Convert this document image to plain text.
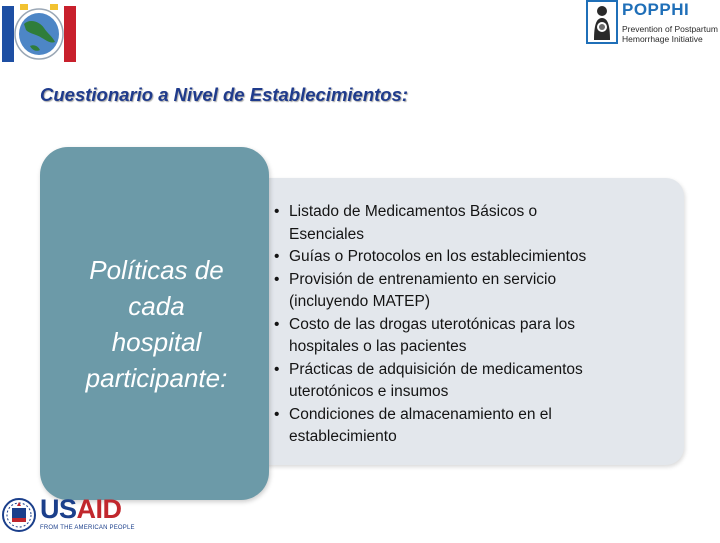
POPPHI
Prevention of Postpartum
Hemorrhage Initiative
Cuestionario a Nivel de Establecimientos:
Políticas de
cada
hospital
participante:
• Listado de Medicamentos Básicos o
Esenciales
• Guías o Protocolos en los establecimientos
• Provisión de entrenamiento en servicio
(incluyendo MATEP)
• Costo de las drogas uterotónicas para los
hospitales o las pacientes
• Prácticas de adquisición de medicamentos
uterotónicos e insumos
• Condiciones de almacenamiento en el
establecimiento
USAID
FROM THE AMERICAN PEOPLE
